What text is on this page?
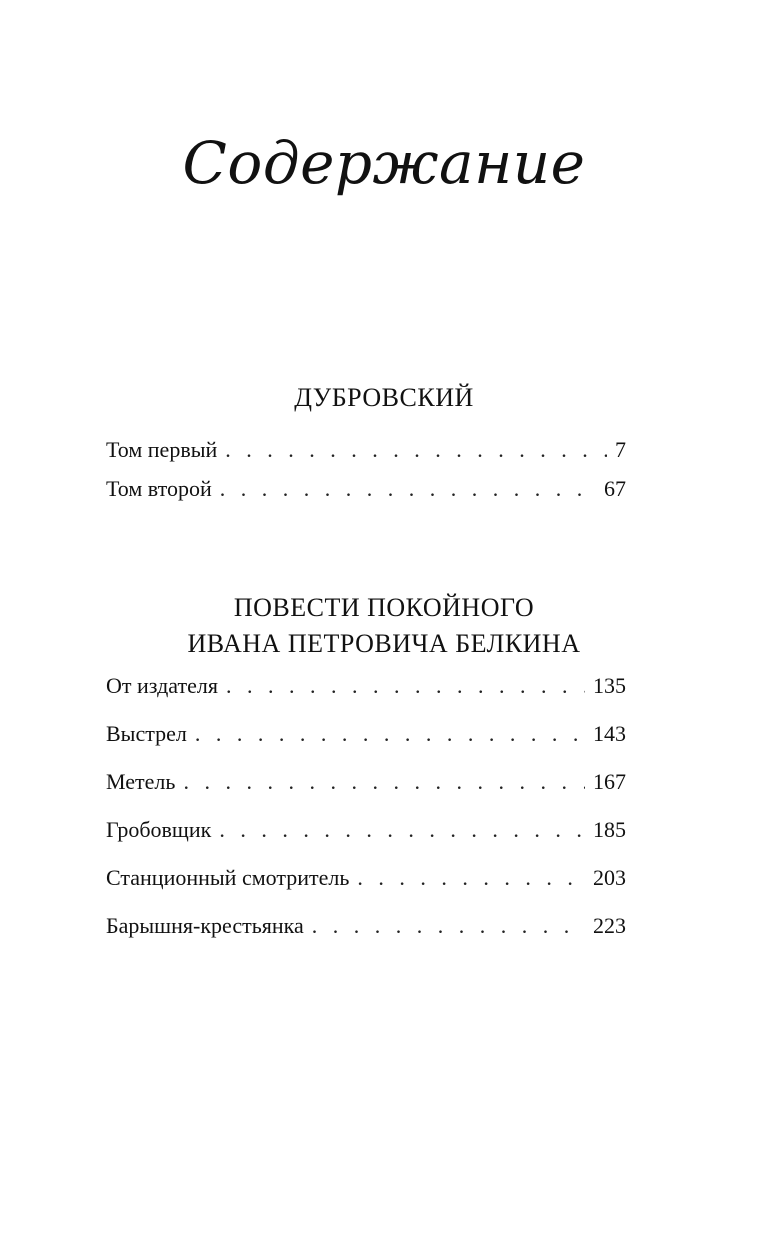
Содержание
ДУБРОВСКИЙ
Том первый . . .	7
Том второй . . .	67
ПОВЕСТИ ПОКОЙНОГО
ИВАНА ПЕТРОВИЧА БЕЛКИНА
От издателя . . .	135
Выстрел . . .	143
Метель . . .	167
Гробовщик . . .	185
Станционный смотритель . . .	203
Барышня-крестьянка . . .	223
